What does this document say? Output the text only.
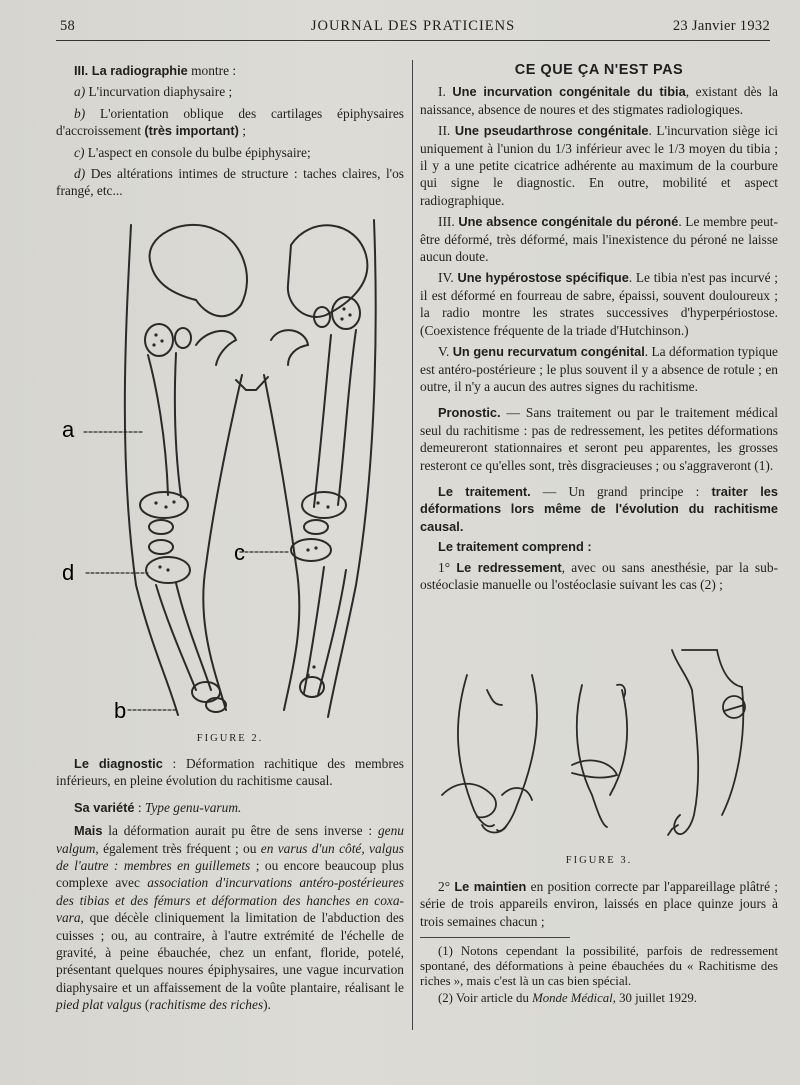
58	JOURNAL DES PRATICIENS	23 Janvier 1932

III. La radiographie montre :

a) L'incurvation diaphysaire ;

b) L'orientation oblique des cartilages épiphysaires d'accroissement (très important) ;

c) L'aspect en console du bulbe épiphysaire;

d) Des altérations intimes de structure : taches claires, l'os frangé, etc...

a
d
c
b
FIGURE 2.

Le diagnostic : Déformation rachitique des membres inférieurs, en pleine évolution du rachitisme causal.

Sa variété : Type genu-varum.

Mais la déformation aurait pu être de sens inverse : genu valgum, également très fréquent ; ou en varus d'un côté, valgus de l'autre : membres en guillemets ; ou encore beaucoup plus complexe avec association d'incurvations antéro-postérieures des tibias et des fémurs et déformation des hanches en coxa-vara, que décèle cliniquement la limitation de l'abduction des cuisses ; ou, au contraire, à l'autre extrémité de l'échelle de gravité, à peine ébauchée, chez un enfant, floride, potelé, présentant quelques noures épiphysaires, une vague incurvation diaphysaire et un affaissement de la voûte plantaire, réalisant le pied plat valgus (rachitisme des riches).

CE QUE ÇA N'EST PAS

I. Une incurvation congénitale du tibia, existant dès la naissance, absence de noures et des stigmates radiologiques.

II. Une pseudarthrose congénitale. L'incurvation siège ici uniquement à l'union du 1/3 inférieur avec le 1/3 moyen du tibia ; il y a une petite cicatrice adhérente au maximum de la courbure qui signe le diagnostic. En outre, mobilité et aspect radiographique.

III. Une absence congénitale du péroné. Le membre peut-être déformé, très déformé, mais l'inexistence du péroné ne laisse aucun doute.

IV. Une hypérostose spécifique. Le tibia n'est pas incurvé ; il est déformé en fourreau de sabre, épaissi, souvent douloureux ; la radio montre les strates successives d'hyperpériostose. (Coexistence fréquente de la triade d'Hutchinson.)

V. Un genu recurvatum congénital. La déformation typique est antéro-postérieure ; le plus souvent il y a absence de rotule ; en outre, il n'y a aucun des autres signes du rachitisme.

Pronostic. — Sans traitement ou par le traitement médical seul du rachitisme : pas de redressement, les petites déformations demeureront stationnaires et seront peu apparentes, les grosses resteront ce qu'elles sont, très disgracieuses ; ou s'aggraveront (1).

Le traitement. — Un grand principe : traiter les déformations lors même de l'évolution du rachitisme causal.

Le traitement comprend :

1° Le redressement, avec ou sans anesthésie, par la sub-ostéoclasie manuelle ou l'ostéoclasie suivant les cas (2) ;

FIGURE 3.

2° Le maintien en position correcte par l'appareillage plâtré ; série de trois appareils environ, laissés en place quinze jours à trois semaines chacun ;

(1) Notons cependant la possibilité, parfois de redressement spontané, des déformations à peine ébauchées du « Rachitisme des riches », mais c'est là un cas bien spécial.

(2) Voir article du Monde Médical, 30 juillet 1929.
